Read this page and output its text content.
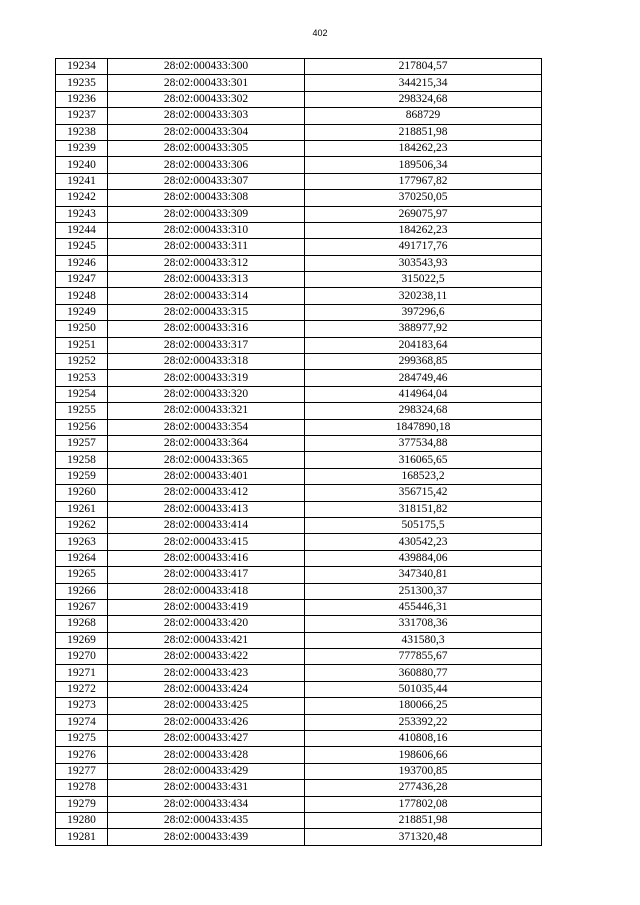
402
19234	28:02:000433:300	217804,57
19235	28:02:000433:301	344215,34
19236	28:02:000433:302	298324,68
19237	28:02:000433:303	868729
19238	28:02:000433:304	218851,98
19239	28:02:000433:305	184262,23
19240	28:02:000433:306	189506,34
19241	28:02:000433:307	177967,82
19242	28:02:000433:308	370250,05
19243	28:02:000433:309	269075,97
19244	28:02:000433:310	184262,23
19245	28:02:000433:311	491717,76
19246	28:02:000433:312	303543,93
19247	28:02:000433:313	315022,5
19248	28:02:000433:314	320238,11
19249	28:02:000433:315	397296,6
19250	28:02:000433:316	388977,92
19251	28:02:000433:317	204183,64
19252	28:02:000433:318	299368,85
19253	28:02:000433:319	284749,46
19254	28:02:000433:320	414964,04
19255	28:02:000433:321	298324,68
19256	28:02:000433:354	1847890,18
19257	28:02:000433:364	377534,88
19258	28:02:000433:365	316065,65
19259	28:02:000433:401	168523,2
19260	28:02:000433:412	356715,42
19261	28:02:000433:413	318151,82
19262	28:02:000433:414	505175,5
19263	28:02:000433:415	430542,23
19264	28:02:000433:416	439884,06
19265	28:02:000433:417	347340,81
19266	28:02:000433:418	251300,37
19267	28:02:000433:419	455446,31
19268	28:02:000433:420	331708,36
19269	28:02:000433:421	431580,3
19270	28:02:000433:422	777855,67
19271	28:02:000433:423	360880,77
19272	28:02:000433:424	501035,44
19273	28:02:000433:425	180066,25
19274	28:02:000433:426	253392,22
19275	28:02:000433:427	410808,16
19276	28:02:000433:428	198606,66
19277	28:02:000433:429	193700,85
19278	28:02:000433:431	277436,28
19279	28:02:000433:434	177802,08
19280	28:02:000433:435	218851,98
19281	28:02:000433:439	371320,48
